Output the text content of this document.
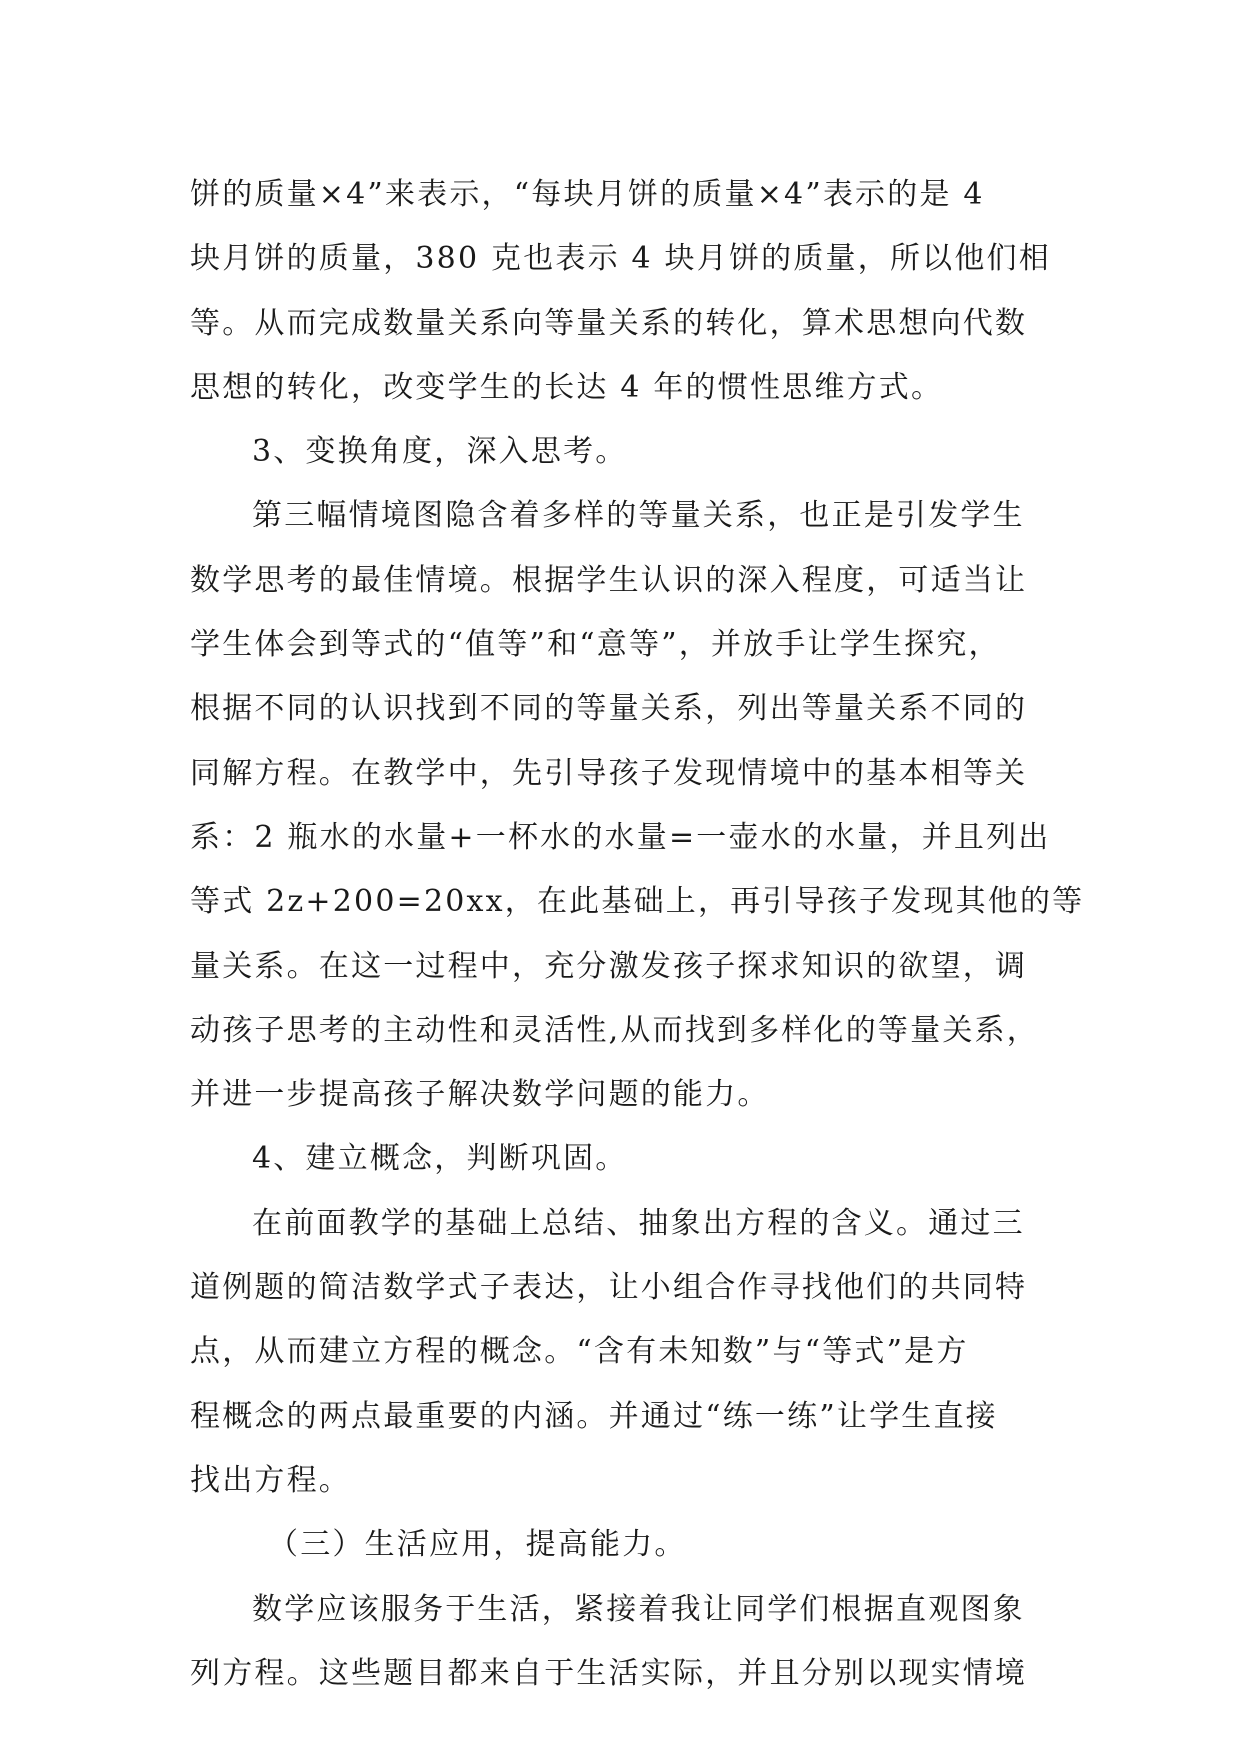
饼的质量×4”来表示，“每块月饼的质量×4”表示的是 4
块月饼的质量，380 克也表示 4 块月饼的质量，所以他们相
等。从而完成数量关系向等量关系的转化，算术思想向代数
思想的转化，改变学生的长达 4 年的惯性思维方式。
3、变换角度，深入思考。
第三幅情境图隐含着多样的等量关系，也正是引发学生
数学思考的最佳情境。根据学生认识的深入程度，可适当让
学生体会到等式的“值等”和“意等”，并放手让学生探究，
根据不同的认识找到不同的等量关系，列出等量关系不同的
同解方程。在教学中，先引导孩子发现情境中的基本相等关
系：2 瓶水的水量+一杯水的水量=一壶水的水量，并且列出
等式 2z+200=20xx，在此基础上，再引导孩子发现其他的等
量关系。在这一过程中，充分激发孩子探求知识的欲望，调
动孩子思考的主动性和灵活性,从而找到多样化的等量关系，
并进一步提高孩子解决数学问题的能力。
4、建立概念，判断巩固。
在前面教学的基础上总结、抽象出方程的含义。通过三
道例题的简洁数学式子表达，让小组合作寻找他们的共同特
点，从而建立方程的概念。“含有未知数”与“等式”是方
程概念的两点最重要的内涵。并通过“练一练”让学生直接
找出方程。
（三）生活应用，提高能力。
数学应该服务于生活，紧接着我让同学们根据直观图象
列方程。这些题目都来自于生活实际，并且分别以现实情境
